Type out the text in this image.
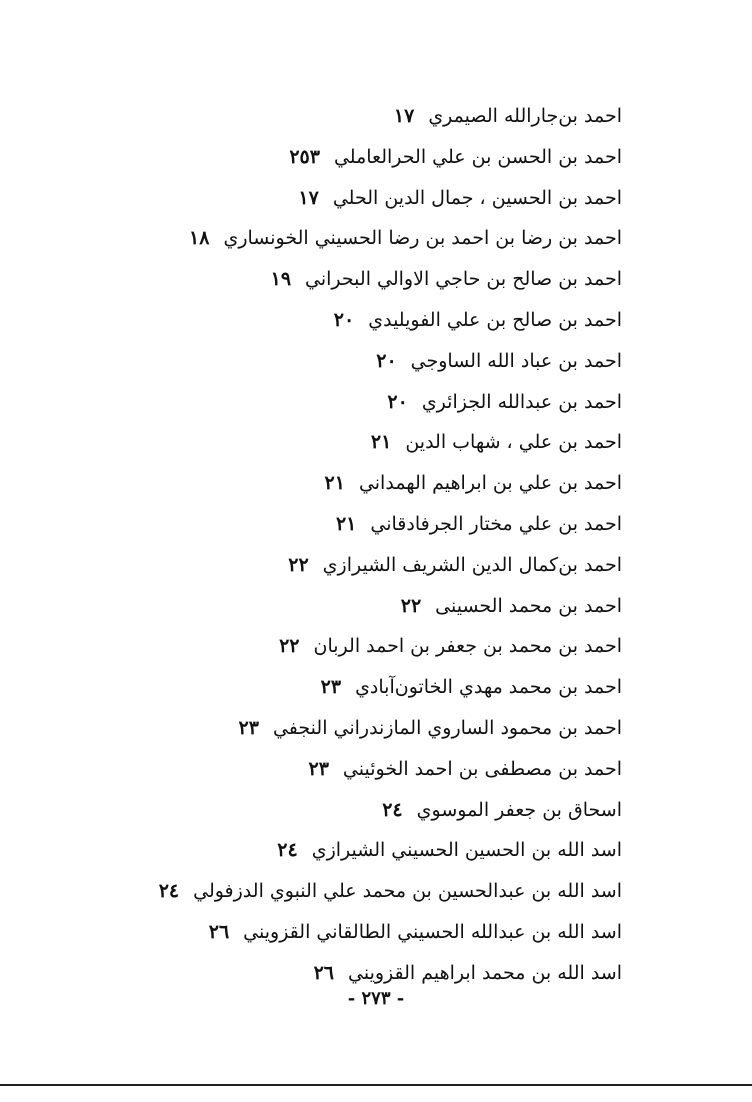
احمد بن‌جارالله الصيمري١٧
احمد بن الحسن بن علي الحرالعاملي٢٥٣
احمد بن الحسين ، جمال الدين الحلي١٧
احمد بن رضا بن احمد بن رضا الحسيني الخونساري١٨
احمد بن صالح بن حاجي الاوالي البحراني١٩
احمد بن صالح بن علي الفويليدي٢٠
احمد بن عباد الله الساوجي٢٠
احمد بن عبدالله الجزائري٢٠
احمد بن علي ، شهاب الدين٢١
احمد بن علي بن ابراهيم الهمداني٢١
احمد بن علي مختار الجرفادقاني٢١
احمد بن‌كمال الدين الشريف الشيرازي٢٢
احمد بن محمد الحسينى٢٢
احمد بن محمد بن جعفر بن احمد الربان٢٢
احمد بن محمد مهدي الخاتون‌آبادي٢٣
احمد بن محمود الساروي المازندراني النجفي٢٣
احمد بن مصطفى بن احمد الخوئيني٢٣
اسحاق بن جعفر الموسوي٢٤
اسد الله بن الحسين الحسيني الشيرازي٢٤
اسد الله بن عبدالحسين بن محمد علي النبوي الدزفولي٢٤
اسد الله بن عبدالله الحسيني الطالقاني القزويني٢٦
اسد الله بن محمد ابراهيم القزويني٢٦
- ٢٧٣ -
